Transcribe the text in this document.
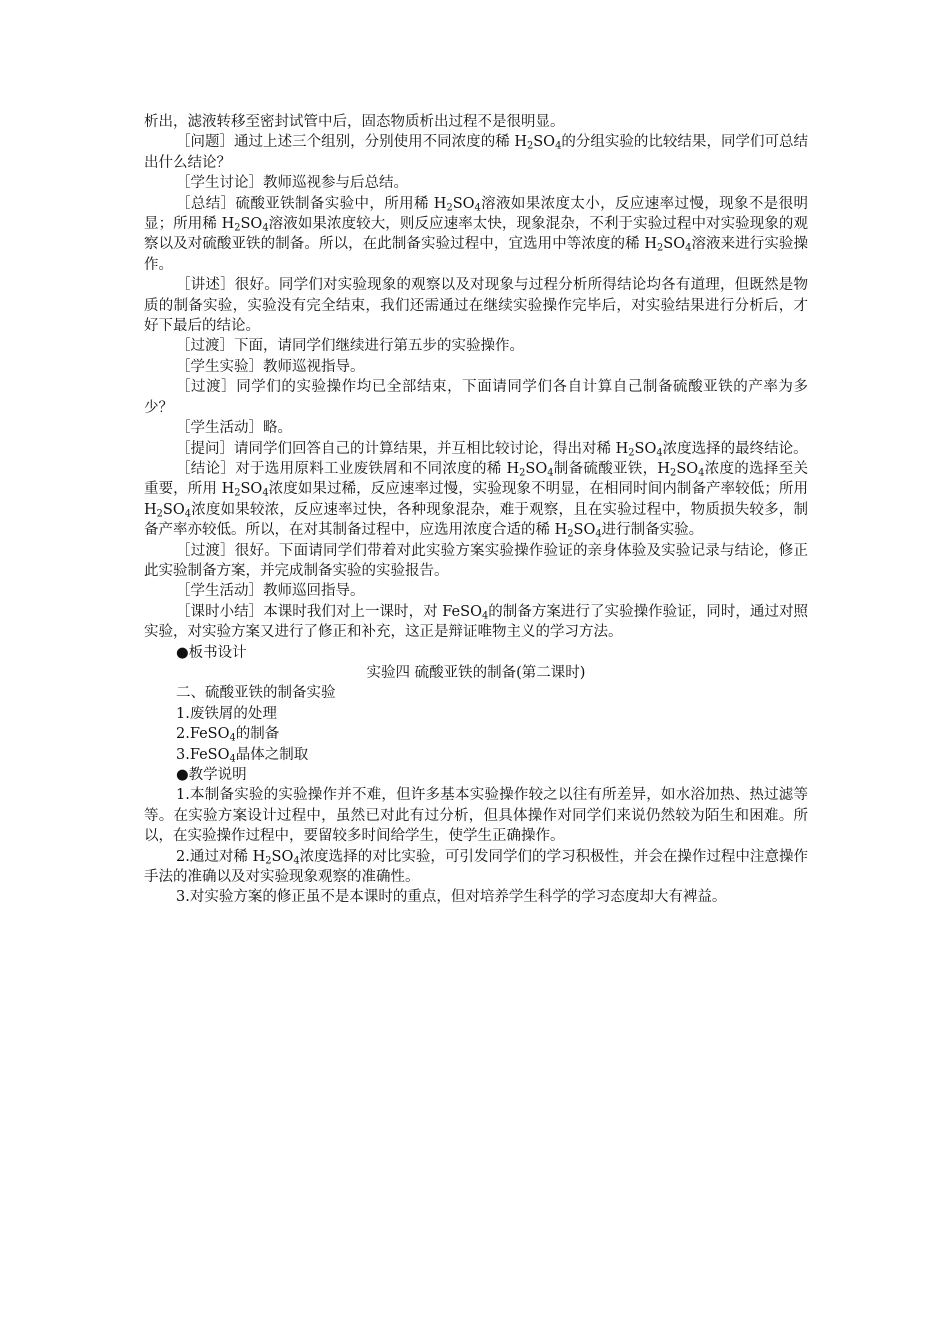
析出，滤液转移至密封试管中后，固态物质析出过程不是很明显。

［问题］通过上述三个组别，分别使用不同浓度的稀 $H_2SO_4$的分组实验的比较结果，同学们可总结出什么结论？

［学生讨论］教师巡视参与后总结。

［总结］硫酸亚铁制备实验中，所用稀 $H_2SO_4$溶液如果浓度太小，反应速率过慢，现象不是很明显；所用稀 $H_2SO_4$溶液如果浓度较大，则反应速率太快，现象混杂，不利于实验过程中对实验现象的观察以及对硫酸亚铁的制备。所以，在此制备实验过程中，宜选用中等浓度的稀 $H_2SO_4$溶液来进行实验操作。

［讲述］很好。同学们对实验现象的观察以及对现象与过程分析所得结论均各有道理，但既然是物质的制备实验，实验没有完全结束，我们还需通过在继续实验操作完毕后，对实验结果进行分析后，才好下最后的结论。

［过渡］下面，请同学们继续进行第五步的实验操作。

［学生实验］教师巡视指导。

［过渡］同学们的实验操作均已全部结束，下面请同学们各自计算自己制备硫酸亚铁的产率为多少？

［学生活动］略。

［提问］请同学们回答自己的计算结果，并互相比较讨论，得出对稀 $H_2SO_4$浓度选择的最终结论。

［结论］对于选用原料工业废铁屑和不同浓度的稀 $H_2SO_4$制备硫酸亚铁，$H_2SO_4$浓度的选择至关重要，所用 $H_2SO_4$浓度如果过稀，反应速率过慢，实验现象不明显，在相同时间内制备产率较低；所用 $H_2SO_4$浓度如果较浓，反应速率过快，各种现象混杂，难于观察，且在实验过程中，物质损失较多，制备产率亦较低。所以，在对其制备过程中，应选用浓度合适的稀 $H_2SO_4$进行制备实验。

［过渡］很好。下面请同学们带着对此实验方案实验操作验证的亲身体验及实验记录与结论，修正此实验制备方案，并完成制备实验的实验报告。

［学生活动］教师巡回指导。

［课时小结］本课时我们对上一课时，对 FeSO$_4$的制备方案进行了实验操作验证，同时，通过对照实验，对实验方案又进行了修正和补充，这正是辩证唯物主义的学习方法。

●板书设计

实验四 硫酸亚铁的制备(第二课时)

二、硫酸亚铁的制备实验

1.废铁屑的处理

2.FeSO$_4$的制备

3.FeSO$_4$晶体之制取

●教学说明

1.本制备实验的实验操作并不难，但许多基本实验操作较之以往有所差异，如水浴加热、热过滤等等。在实验方案设计过程中，虽然已对此有过分析，但具体操作对同学们来说仍然较为陌生和困难。所以，在实验操作过程中，要留较多时间给学生，使学生正确操作。

2.通过对稀 $H_2SO_4$浓度选择的对比实验，可引发同学们的学习积极性，并会在操作过程中注意操作手法的准确以及对实验现象观察的准确性。

3.对实验方案的修正虽不是本课时的重点，但对培养学生科学的学习态度却大有裨益。
